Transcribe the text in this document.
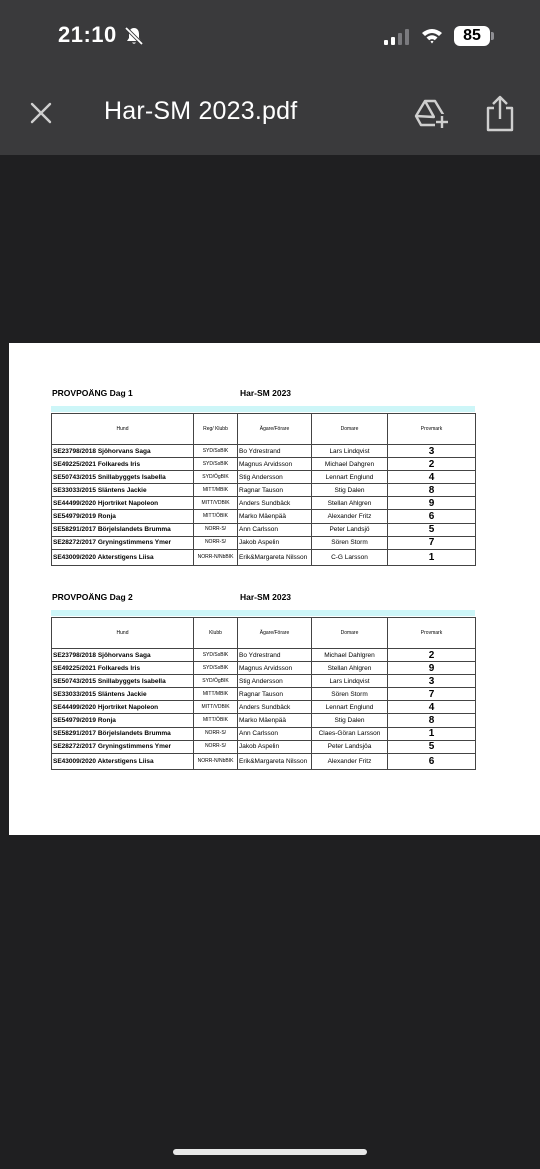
21:10	85
Har-SM 2023.pdf
PROVPOÄNG Dag 1	Har-SM 2023
Hund	Reg/ Klubb	Ägare/Förare	Domare	Provmark
SE23798/2018 Sjöhorvans Saga	SYD/SsBIK	Bo Ydrestrand	Lars Lindqvist	3
SE49225/2021 Folkareds Iris	SYD/SsBIK	Magnus Arvidsson	Michael Dahgren	2
SE50743/2015 Snillabyggets Isabella	SYD/ÖgBIK	Stig Andersson	Lennart Englund	4
SE33033/2015 Släntens Jackie	MITT/MBIK	Ragnar Tauson	Stig Dalen	8
SE44499/2020 Hjortriket Napoleon	MITT/VDBIK	Anders Sundbäck	Stellan Ahlgren	9
SE54979/2019 Ronja	MITT/ÖBIK	Marko Mäenpää	Alexander Fritz	6
SE58291/2017 Börjelslandets Brumma	NORR-S/	Ann Carlsson	Peter Landsjö	5
SE28272/2017 Gryningstimmens Ymer	NORR-S/	Jakob Aspelin	Sören Storm	7
SE43009/2020 Akterstigens Liisa	NORR-N/NbBIK	Erik&Margareta Nilsson	C-G Larsson	1
PROVPOÄNG Dag 2	Har-SM 2023
Hund	Klubb	Ägare/Förare	Domare	Provmark
SE23798/2018 Sjöhorvans Saga	SYD/SsBIK	Bo Ydrestrand	Michael Dahlgren	2
SE49225/2021 Folkareds Iris	SYD/SsBIK	Magnus Arvidsson	Stellan Ahlgren	9
SE50743/2015 Snillabyggets Isabella	SYD/ÖgBIK	Stig Andersson	Lars Lindqvist	3
SE33033/2015 Släntens Jackie	MITT/MBIK	Ragnar Tauson	Sören Storm	7
SE44499/2020 Hjortriket Napoleon	MITT/VDBIK	Anders Sundbäck	Lennart Englund	4
SE54979/2019 Ronja	MITT/ÖBIK	Marko Mäenpää	Stig Dalen	8
SE58291/2017 Börjelslandets Brumma	NORR-S/	Ann Carlsson	Claes-Göran Larsson	1
SE28272/2017 Gryningstimmens Ymer	NORR-S/	Jakob Aspelin	Peter Landsjöa	5
SE43009/2020 Akterstigens Liisa	NORR-N/NbBIK	Erik&Margareta Nilsson	Alexander Fritz	6
